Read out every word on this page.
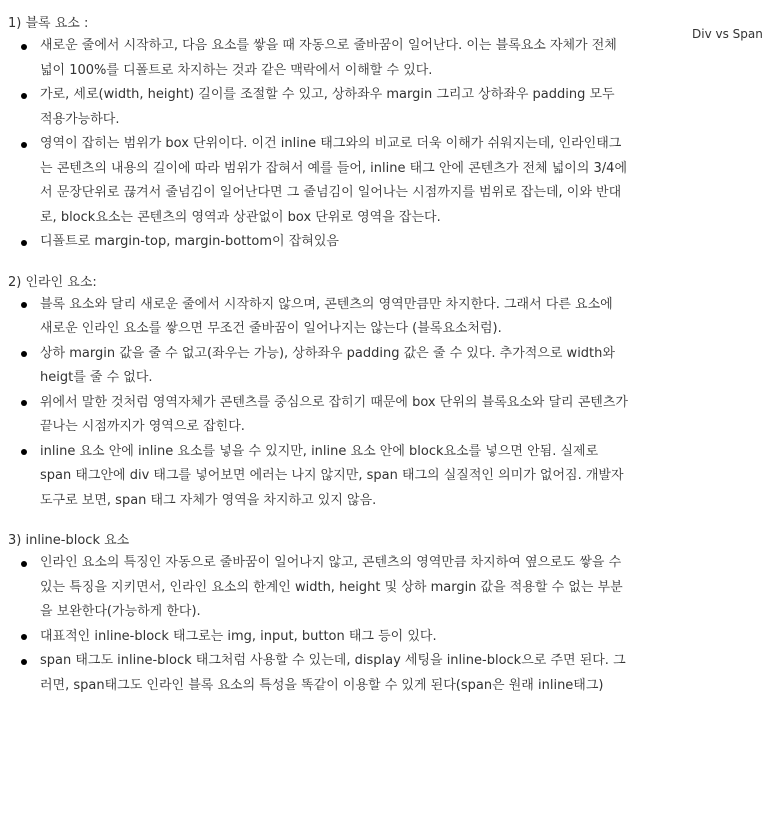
Div vs Span

1) 블록 요소 :

새로운 줄에서 시작하고, 다음 요소를 쌓을 때 자동으로 줄바꿈이 일어난다. 이는 블록요소 자체가 전체 넓이 100%를 디폴트로 차지하는 것과 같은 맥락에서 이해할 수 있다.
가로, 세로(width, height) 길이를 조절할 수 있고, 상하좌우 margin 그리고 상하좌우 padding 모두 적용가능하다.
영역이 잡히는 범위가 box 단위이다. 이건 inline 태그와의 비교로 더욱 이해가 쉬워지는데, 인라인태그는 콘텐츠의 내용의 길이에 따라 범위가 잡혀서 예를 들어, inline 태그 안에 콘텐츠가 전체 넓이의 3/4에서 문장단위로 끊겨서 줄넘김이 일어난다면 그 줄넘김이 일어나는 시점까지를 범위로 잡는데, 이와 반대로, block요소는 콘텐츠의 영역과 상관없이 box 단위로 영역을 잡는다.
디폴트로 margin-top, margin-bottom이 잡혀있음

2) 인라인 요소:

블록 요소와 달리 새로운 줄에서 시작하지 않으며, 콘텐츠의 영역만큼만 차지한다. 그래서 다른 요소에 새로운 인라인 요소를 쌓으면 무조건 줄바꿈이 일어나지는 않는다 (블록요소처럼).
상하 margin 값을 줄 수 없고(좌우는 가능), 상하좌우 padding 값은 줄 수 있다. 추가적으로 width와 heigt를 줄 수 없다.
위에서 말한 것처럼 영역자체가 콘텐츠를 중심으로 잡히기 때문에 box 단위의 블록요소와 달리 콘텐츠가 끝나는 시점까지가 영역으로 잡힌다.
inline 요소 안에 inline 요소를 넣을 수 있지만, inline 요소 안에 block요소를 넣으면 안됨. 실제로 span 태그안에 div 태그를 넣어보면 에러는 나지 않지만, span 태그의 실질적인 의미가 없어짐. 개발자 도구로 보면, span 태그 자체가 영역을 차지하고 있지 않음.

3) inline-block 요소

인라인 요소의 특징인 자동으로 줄바꿈이 일어나지 않고, 콘텐츠의 영역만큼 차지하여 옆으로도 쌓을 수 있는 특징을 지키면서, 인라인 요소의 한계인 width, height 및 상하 margin 값을 적용할 수 없는 부분을 보완한다(가능하게 한다).
대표적인 inline-block 태그로는 img, input, button 태그 등이 있다.
span 태그도 inline-block 태그처럼 사용할 수 있는데, display 세팅을 inline-block으로 주면 된다. 그러면, span태그도 인라인 블록 요소의 특성을 똑같이 이용할 수 있게 된다(span은 원래 inline태그)
